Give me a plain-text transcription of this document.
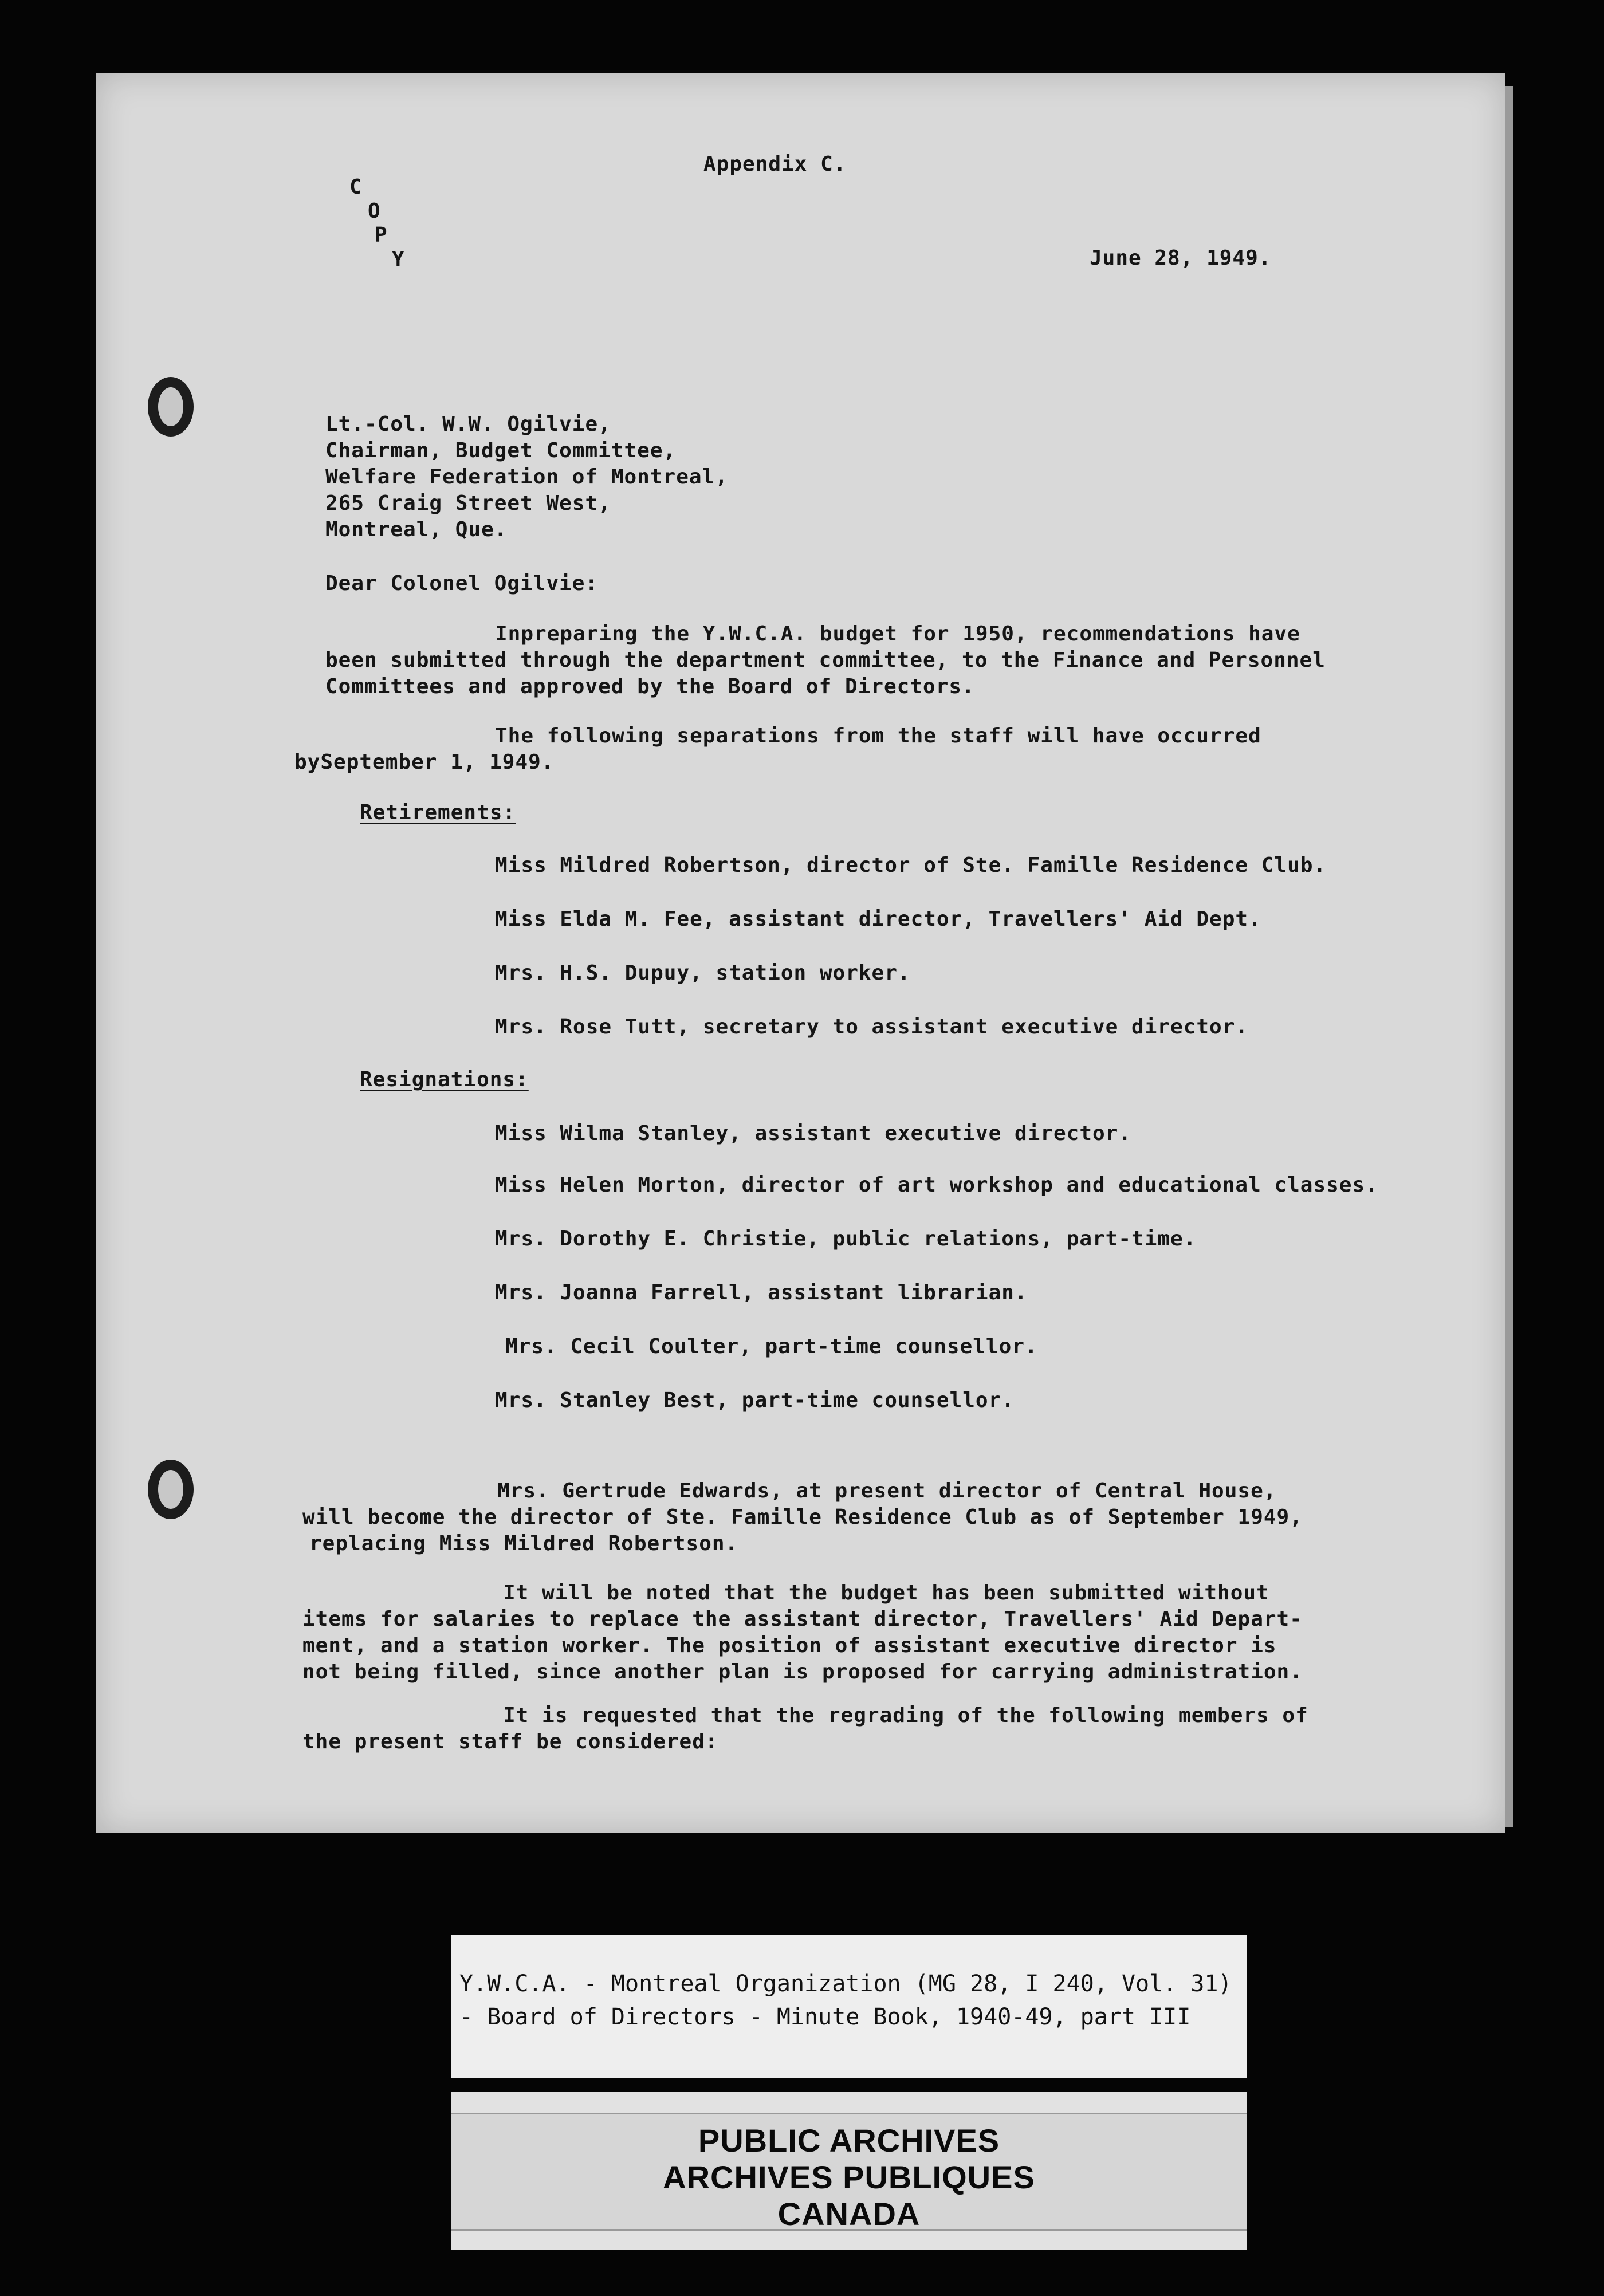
Appendix C.
C
O
P
Y	June 28, 1949.
Lt.-Col. W.W. Ogilvie,
Chairman, Budget Committee,
Welfare Federation of Montreal,
265 Craig Street West,
Montreal, Que.
Dear Colonel Ogilvie:
Inpreparing the Y.W.C.A. budget for 1950, recommendations have
been submitted through the department committee, to the Finance and Personnel
Committees and approved by the Board of Directors.
The following separations from the staff will have occurred
bySeptember 1, 1949.
Retirements:
Miss Mildred Robertson, director of Ste. Famille Residence Club.
Miss Elda M. Fee, assistant director, Travellers' Aid Dept.
Mrs. H.S. Dupuy, station worker.
Mrs. Rose Tutt, secretary to assistant executive director.
Resignations:
Miss Wilma Stanley, assistant executive director.
Miss Helen Morton, director of art workshop and educational classes.
Mrs. Dorothy E. Christie, public relations, part-time.
Mrs. Joanna Farrell, assistant librarian.
Mrs. Cecil Coulter, part-time counsellor.
Mrs. Stanley Best, part-time counsellor.
Mrs. Gertrude Edwards, at present director of Central House,
will become the director of Ste. Famille Residence Club as of September 1949,
replacing Miss Mildred Robertson.
It will be noted that the budget has been submitted without
items for salaries to replace the assistant director, Travellers' Aid Depart-
ment, and a station worker. The position of assistant executive director is
not being filled, since another plan is proposed for carrying administration.
It is requested that the regrading of the following members of
the present staff be considered:
Y.W.C.A. - Montreal Organization (MG 28, I 240, Vol. 31)
- Board of Directors - Minute Book, 1940-49, part III
PUBLIC ARCHIVES
ARCHIVES PUBLIQUES
CANADA
